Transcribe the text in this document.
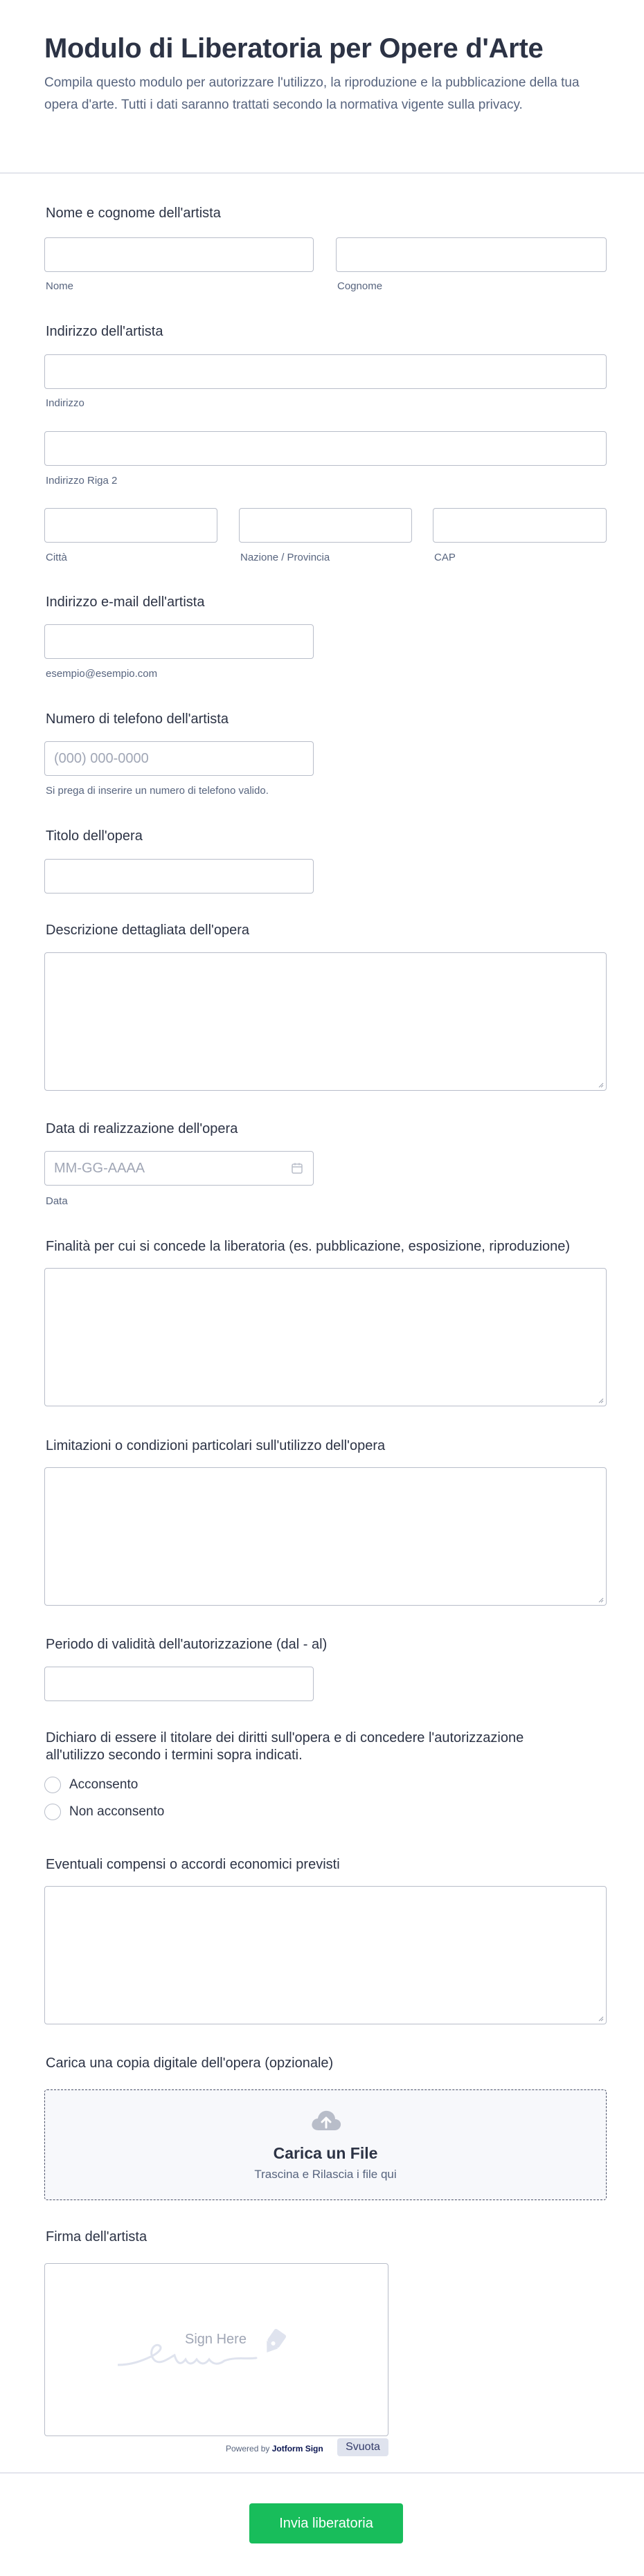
Modulo di Liberatoria per Opere d'Arte

Compila questo modulo per autorizzare l'utilizzo, la riproduzione e la pubblicazione della tua opera d'arte. Tutti i dati saranno trattati secondo la normativa vigente sulla privacy.

Nome e cognome dell'artista
Nome	Cognome
Indirizzo dell'artista
Indirizzo
Indirizzo Riga 2
Città	Nazione / Provincia	CAP
Indirizzo e-mail dell'artista
esempio@esempio.com
Numero di telefono dell'artista
(000) 000-0000
Si prega di inserire un numero di telefono valido.
Titolo dell'opera
Descrizione dettagliata dell'opera
Data di realizzazione dell'opera
MM-GG-AAAA
Data
Finalità per cui si concede la liberatoria (es. pubblicazione, esposizione, riproduzione)
Limitazioni o condizioni particolari sull'utilizzo dell'opera
Periodo di validità dell'autorizzazione (dal - al)
Dichiaro di essere il titolare dei diritti sull'opera e di concedere l'autorizzazione
all'utilizzo secondo i termini sopra indicati.
Acconsento
Non acconsento
Eventuali compensi o accordi economici previsti
Carica una copia digitale dell'opera (opzionale)
Carica un File
Trascina e Rilascia i file qui
Firma dell'artista
Sign Here
Powered by Jotform Sign	Svuota
Invia liberatoria
